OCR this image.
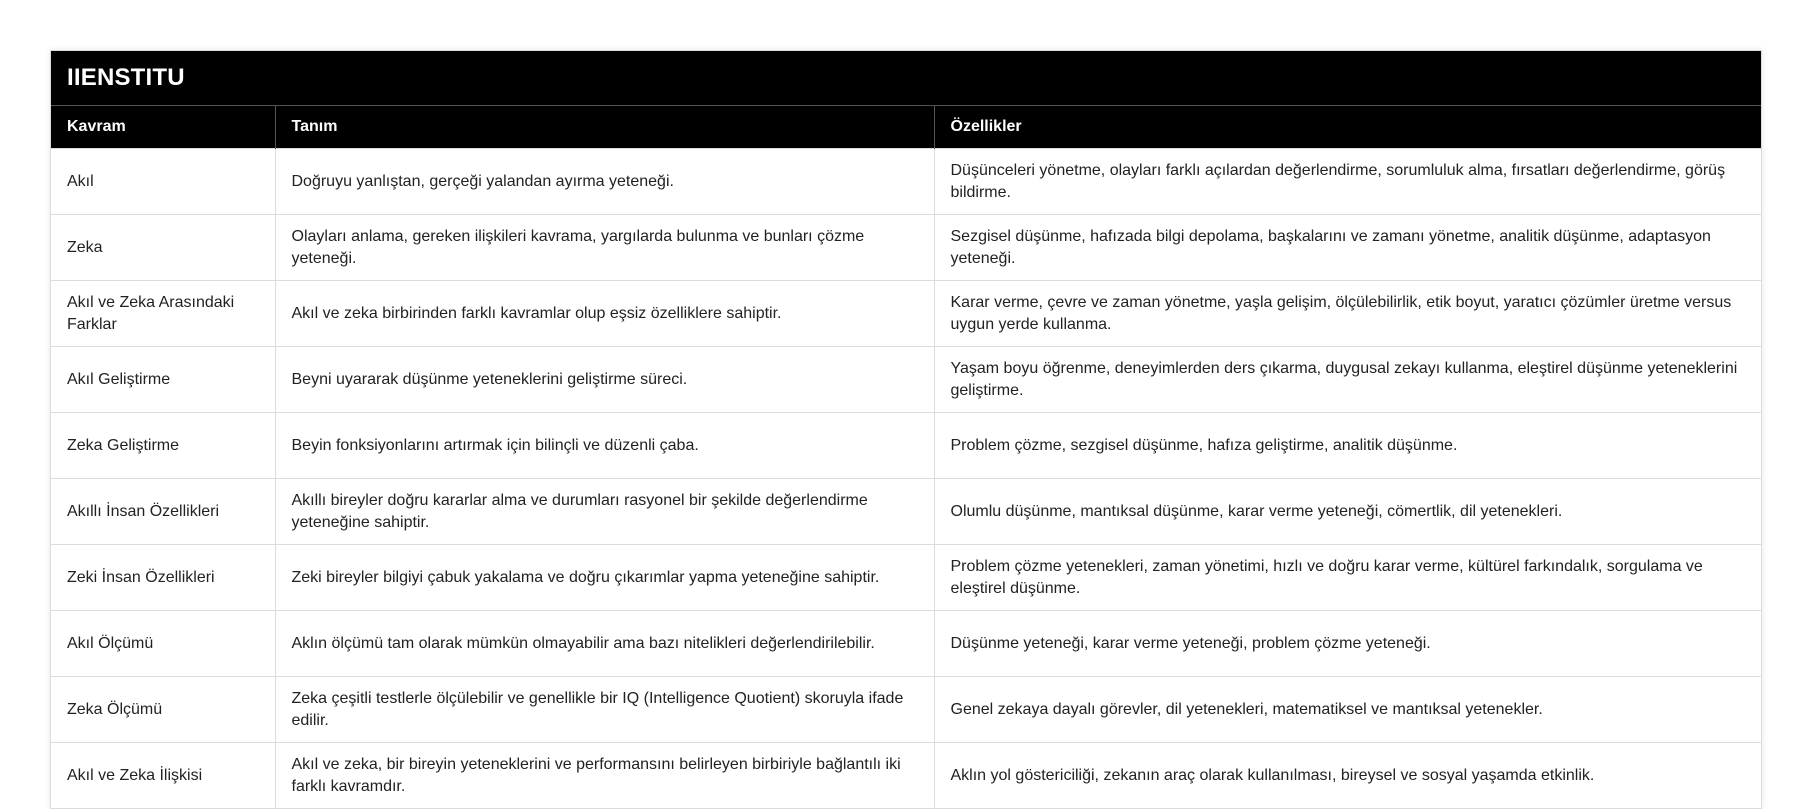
IIENSTITU
Kavram	Tanım	Özellikler
Akıl	Doğruyu yanlıştan, gerçeği yalandan ayırma yeteneği.	Düşünceleri yönetme, olayları farklı açılardan değerlendirme, sorumluluk alma, fırsatları değerlendirme, görüş bildirme.
Zeka	Olayları anlama, gereken ilişkileri kavrama, yargılarda bulunma ve bunları çözme yeteneği.	Sezgisel düşünme, hafızada bilgi depolama, başkalarını ve zamanı yönetme, analitik düşünme, adaptasyon yeteneği.
Akıl ve Zeka Arasındaki Farklar	Akıl ve zeka birbirinden farklı kavramlar olup eşsiz özelliklere sahiptir.	Karar verme, çevre ve zaman yönetme, yaşla gelişim, ölçülebilirlik, etik boyut, yaratıcı çözümler üretme versus uygun yerde kullanma.
Akıl Geliştirme	Beyni uyararak düşünme yeteneklerini geliştirme süreci.	Yaşam boyu öğrenme, deneyimlerden ders çıkarma, duygusal zekayı kullanma, eleştirel düşünme yeteneklerini geliştirme.
Zeka Geliştirme	Beyin fonksiyonlarını artırmak için bilinçli ve düzenli çaba.	Problem çözme, sezgisel düşünme, hafıza geliştirme, analitik düşünme.
Akıllı İnsan Özellikleri	Akıllı bireyler doğru kararlar alma ve durumları rasyonel bir şekilde değerlendirme yeteneğine sahiptir.	Olumlu düşünme, mantıksal düşünme, karar verme yeteneği, cömertlik, dil yetenekleri.
Zeki İnsan Özellikleri	Zeki bireyler bilgiyi çabuk yakalama ve doğru çıkarımlar yapma yeteneğine sahiptir.	Problem çözme yetenekleri, zaman yönetimi, hızlı ve doğru karar verme, kültürel farkındalık, sorgulama ve eleştirel düşünme.
Akıl Ölçümü	Aklın ölçümü tam olarak mümkün olmayabilir ama bazı nitelikleri değerlendirilebilir.	Düşünme yeteneği, karar verme yeteneği, problem çözme yeteneği.
Zeka Ölçümü	Zeka çeşitli testlerle ölçülebilir ve genellikle bir IQ (Intelligence Quotient) skoruyla ifade edilir.	Genel zekaya dayalı görevler, dil yetenekleri, matematiksel ve mantıksal yetenekler.
Akıl ve Zeka İlişkisi	Akıl ve zeka, bir bireyin yeteneklerini ve performansını belirleyen birbiriyle bağlantılı iki farklı kavramdır.	Aklın yol göstericiliği, zekanın araç olarak kullanılması, bireysel ve sosyal yaşamda etkinlik.
